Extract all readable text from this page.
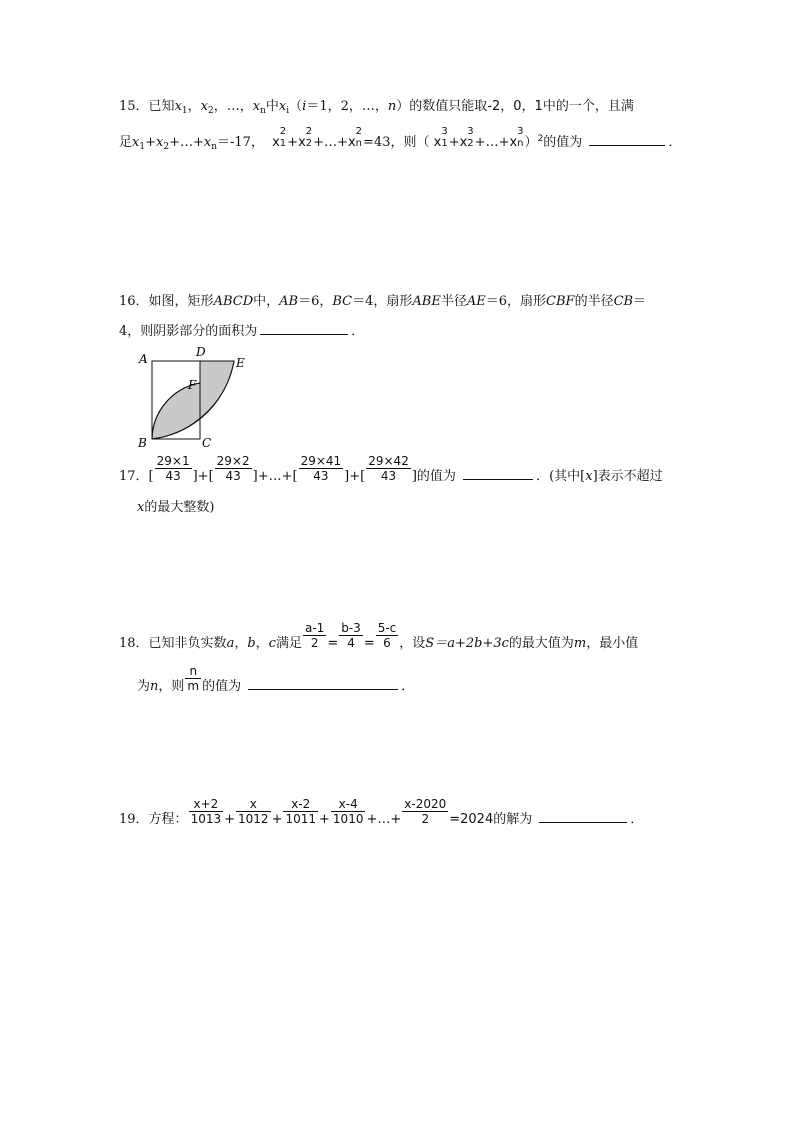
15．已知$x_1$，$x_2$，…，$x_n$中$x_i(i=1$，2，…，n）的数值只能取-2，0，1中的一个，且满
足$x_1+x_2+\dots+x_n=-17$， x
2
1 +x
2
2 +…+x
2
n =43，则（ x
3
1 +x
3
2 +…+x
3
n ）$^2$的值为	．
16．如图，矩形ABCD中，AB＝6，BC＝4，扇形ABE半径AE＝6，扇形CBF的半径CB＝
4，则阴影部分的面积为	．
A	D
E
F
B	C
17．[ $\frac{29\times 1}{43}$ ]+[ $\frac{29\times 2}{43}$ ]+…+[ $\frac{29\times 41}{43}$ ]+[ $\frac{29\times 42}{43}$ ]的值为	．(其中[x]表示不超过
x的最大整数)
18．已知非负实数a，b，c满足 $\frac{a-1}{2} = \frac{b-3}{4} = \frac{5-c}{6}$ ，设S＝a+2b+3c的最大值为m，最小值
为n，则 $\frac{n}{m}$ 的值为	．
19．方程： $\frac{x+2}{1013} + \frac{x}{1012} + \frac{x-2}{1011} + \frac{x-4}{1010}$ +…+ $\frac{x-2020}{2} =2024$的解为	．
